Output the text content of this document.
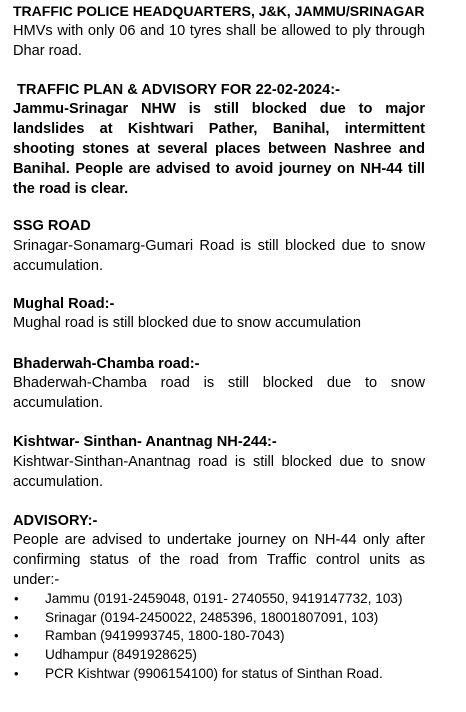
TRAFFIC POLICE HEADQUARTERS, J&K, JAMMU/SRINAGAR
HMVs with only 06 and 10 tyres shall be allowed to ply through Dhar road.
TRAFFIC PLAN & ADVISORY FOR 22-02-2024:-
Jammu-Srinagar NHW is still blocked due to major landslides at Kishtwari Pather, Banihal, intermittent shooting stones at several places between Nashree and Banihal. People are advised to avoid journey on NH-44 till the road is clear.
SSG ROAD
Srinagar-Sonamarg-Gumari Road is still blocked due to snow accumulation.
Mughal Road:-
Mughal road is still blocked due to snow accumulation
Bhaderwah-Chamba road:-
Bhaderwah-Chamba road is still blocked due to snow accumulation.
Kishtwar- Sinthan- Anantnag NH-244:-
Kishtwar-Sinthan-Anantnag road is still blocked due to snow accumulation.
ADVISORY:-
People are advised to undertake journey on NH-44 only after confirming status of the road from Traffic control units as under:-
• Jammu (0191-2459048, 0191- 2740550, 9419147732, 103)
• Srinagar (0194-2450022, 2485396, 18001807091, 103)
• Ramban (9419993745, 1800-180-7043)
• Udhampur (8491928625)
• PCR Kishtwar (9906154100) for status of Sinthan Road.
